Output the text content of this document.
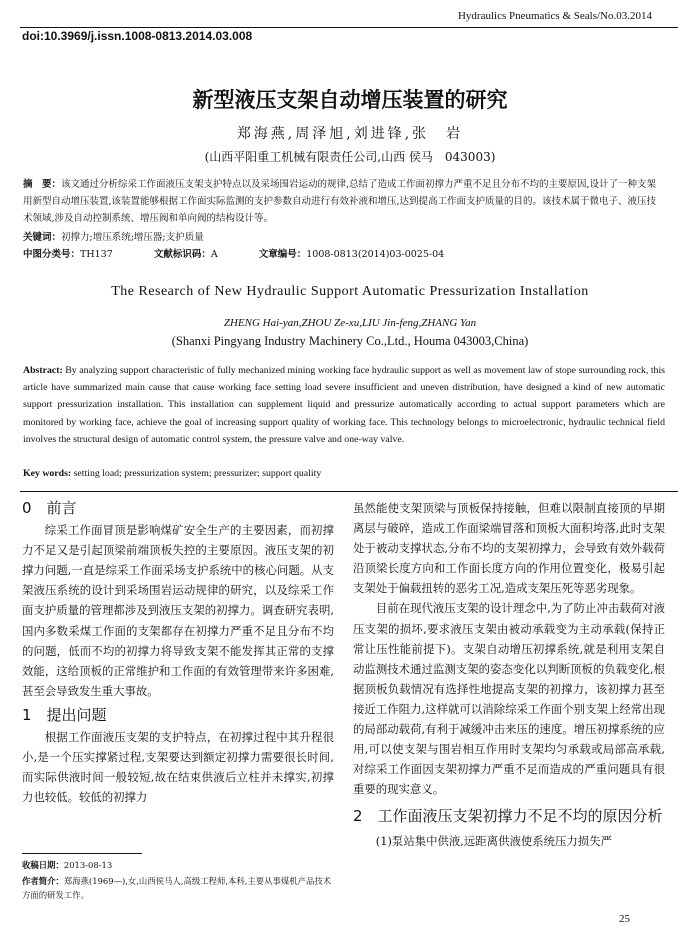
Hydraulics Pneumatics & Seals/No.03.2014
doi:10.3969/j.issn.1008-0813.2014.03.008
新型液压支架自动增压装置的研究
郑海燕,周泽旭,刘进锋,张　岩
(山西平阳重工机械有限责任公司,山西 侯马　043003)
摘　要：该文通过分析综采工作面液压支架支护特点以及采场围岩运动的规律,总结了造成工作面初撑力严重不足且分布不均的主要原因,设计了一种支架用新型自动增压装置,该装置能够根据工作面实际监测的支护参数自动进行有效补液和增压,达到提高工作面支护质量的目的。该技术属于微电子、液压技术领域,涉及自动控制系统、增压阀和单向阀的结构设计等。
关键词：初撑力;增压系统;增压器;支护质量
中图分类号：TH137	文献标识码：A	文章编号：1008-0813(2014)03-0025-04
The Research of New Hydraulic Support Automatic Pressurization Installation
ZHENG Hai-yan,ZHOU Ze-xu,LIU Jin-feng,ZHANG Yan
(Shanxi Pingyang Industry Machinery Co.,Ltd., Houma 043003,China)
Abstract: By analyzing support characteristic of fully mechanized mining working face hydraulic support as well as movement law of stope surrounding rock, this article have summarized main cause that cause working face setting load severe insufficient and uneven distribution, have designed a kind of new automatic support pressurization installation. This installation can supplement liquid and pressurize automatically according to actual support parameters which are monitored by working face, achieve the goal of increasing support quality of working face. This technology belongs to microelectronic, hydraulic technical field involves the structural design of automatic control system, the pressure valve and one-way valve.
Key words: setting load; pressurization system; pressurizer; support quality
0　前言

综采工作面冒顶是影响煤矿安全生产的主要因素，而初撑力不足又是引起顶梁前端顶板失控的主要原因。液压支架的初撑力问题,一直是综采工作面采场支护系统中的核心问题。从支架液压系统的设计到采场围岩运动规律的研究，以及综采工作面支护质量的管理都涉及到液压支架的初撑力。调查研究表明,国内多数采煤工作面的支架都存在初撑力严重不足且分布不均的问题，低而不均的初撑力将导致支架不能发挥其正常的支撑效能，这给顶板的正常维护和工作面的有效管理带来许多困难,甚至会导致发生重大事故。

1　提出问题

根据工作面液压支架的支护特点，在初撑过程中其升程很小,是一个压实撑紧过程,支架要达到额定初撑力需要很长时间,而实际供液时间一般较短,故在结束供液后立柱并未撑实,初撑力也较低。较低的初撑力

虽然能使支架顶梁与顶板保持接触，但难以限制直接顶的早期离层与破碎，造成工作面梁端冒落和顶板大面积垮落,此时支架处于被动支撑状态,分布不均的支架初撑力，会导致有效外载荷沿顶梁长度方向和工作面长度方向的作用位置变化，极易引起支架处于偏载扭转的恶劣工况,造成支架压死等恶劣现象。

目前在现代液压支架的设计理念中,为了防止冲击载荷对液压支架的损坏,要求液压支架由被动承载变为主动承载(保持正常让压性能前提下)。支架自动增压初撑系统,就是利用支架自动监测技术通过监测支架的姿态变化以判断顶板的负载变化,根据顶板负载情况有选择性地提高支架的初撑力，该初撑力甚至接近工作阻力,这样就可以消除综采工作面个别支架上经常出现的局部动载荷,有利于减缓冲击来压的速度。增压初撑系统的应用,可以使支架与围岩相互作用时支架均匀承载或局部高承载,对综采工作面因支架初撑力严重不足而造成的严重问题具有很重要的现实意义。

2　工作面液压支架初撑力不足不均的原因分析

(1)泵站集中供液,远距离供液使系统压力损失严

收稿日期：2013-08-13
作者简介：郑海燕(1969—),女,山西侯马人,高级工程师,本科,主要从事煤机产品技术方面的研发工作。
25
